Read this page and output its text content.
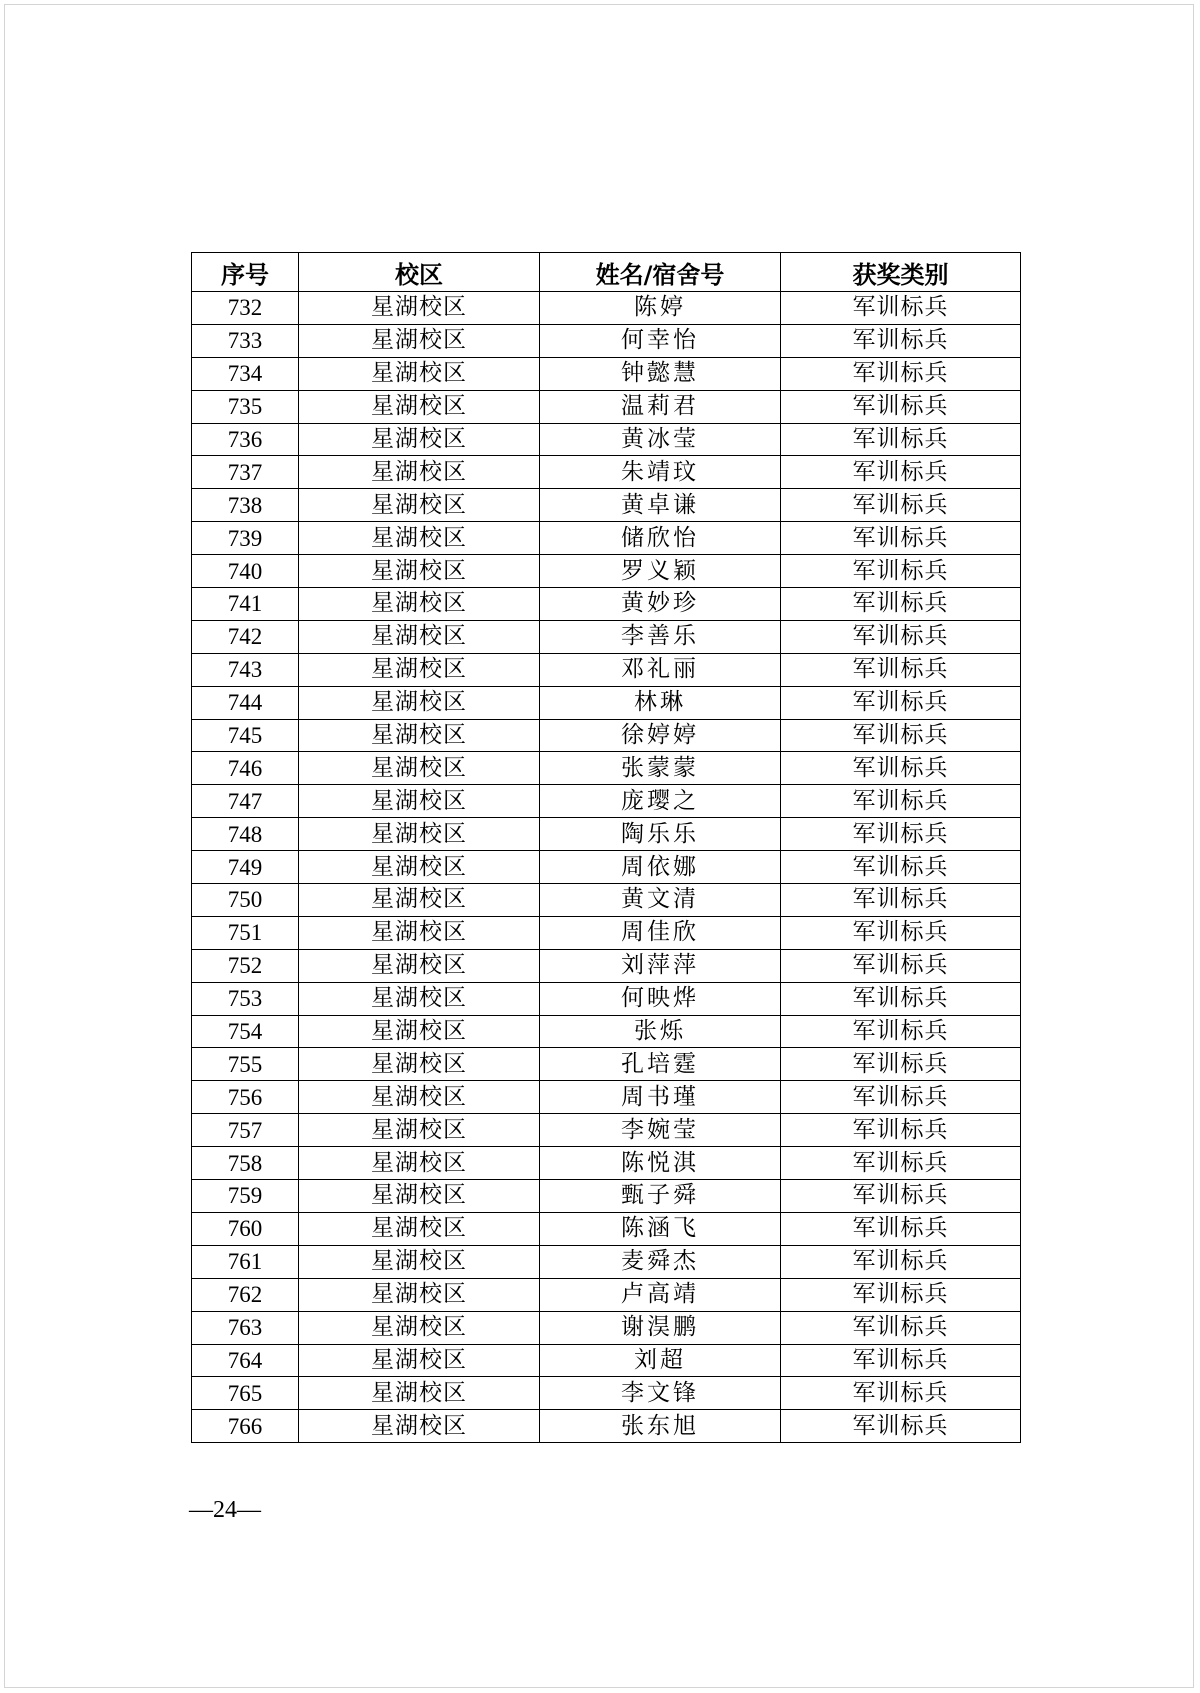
序号	校区	姓名/宿舍号	获奖类别
732	星湖校区	陈婷	军训标兵
733	星湖校区	何幸怡	军训标兵
734	星湖校区	钟懿慧	军训标兵
735	星湖校区	温莉君	军训标兵
736	星湖校区	黄冰莹	军训标兵
737	星湖校区	朱靖玟	军训标兵
738	星湖校区	黄卓谦	军训标兵
739	星湖校区	储欣怡	军训标兵
740	星湖校区	罗义颖	军训标兵
741	星湖校区	黄妙珍	军训标兵
742	星湖校区	李善乐	军训标兵
743	星湖校区	邓礼丽	军训标兵
744	星湖校区	林琳	军训标兵
745	星湖校区	徐婷婷	军训标兵
746	星湖校区	张蒙蒙	军训标兵
747	星湖校区	庞璎之	军训标兵
748	星湖校区	陶乐乐	军训标兵
749	星湖校区	周依娜	军训标兵
750	星湖校区	黄文清	军训标兵
751	星湖校区	周佳欣	军训标兵
752	星湖校区	刘萍萍	军训标兵
753	星湖校区	何映烨	军训标兵
754	星湖校区	张烁	军训标兵
755	星湖校区	孔培霆	军训标兵
756	星湖校区	周书瑾	军训标兵
757	星湖校区	李婉莹	军训标兵
758	星湖校区	陈悦淇	军训标兵
759	星湖校区	甄子舜	军训标兵
760	星湖校区	陈涵飞	军训标兵
761	星湖校区	麦舜杰	军训标兵
762	星湖校区	卢高靖	军训标兵
763	星湖校区	谢淏鹏	军训标兵
764	星湖校区	刘超	军训标兵
765	星湖校区	李文锋	军训标兵
766	星湖校区	张东旭	军训标兵
—24—
